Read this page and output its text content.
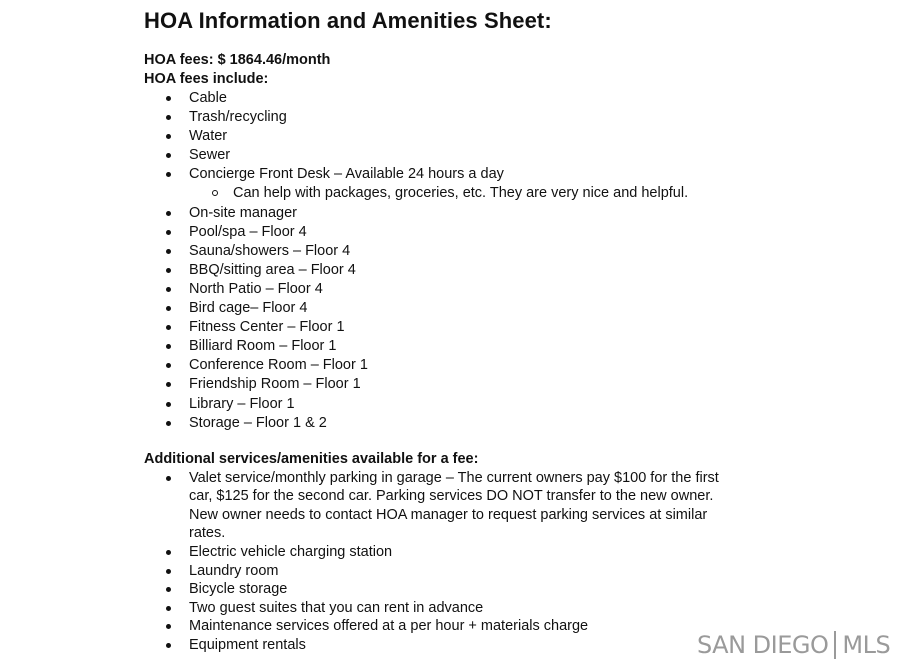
HOA Information and Amenities Sheet:

HOA fees: $ 1864.46/month

HOA fees include:

Cable
Trash/recycling
Water
Sewer
Concierge Front Desk – Available 24 hours a day
Can help with packages, groceries, etc. They are very nice and helpful.
On-site manager
Pool/spa – Floor 4
Sauna/showers – Floor 4
BBQ/sitting area – Floor 4
North Patio – Floor 4
Bird cage– Floor 4
Fitness Center – Floor 1
Billiard Room – Floor 1
Conference Room – Floor 1
Friendship Room – Floor 1
Library – Floor 1
Storage – Floor 1 & 2

Additional services/amenities available for a fee:

Valet service/monthly parking in garage – The current owners pay $100 for the first car, $125 for the second car. Parking services DO NOT transfer to the new owner. New owner needs to contact HOA manager to request parking services at similar rates.
Electric vehicle charging station
Laundry room
Bicycle storage
Two guest suites that you can rent in advance
Maintenance services offered at a per hour + materials charge
Equipment rentals	SAN DIEGO MLS
